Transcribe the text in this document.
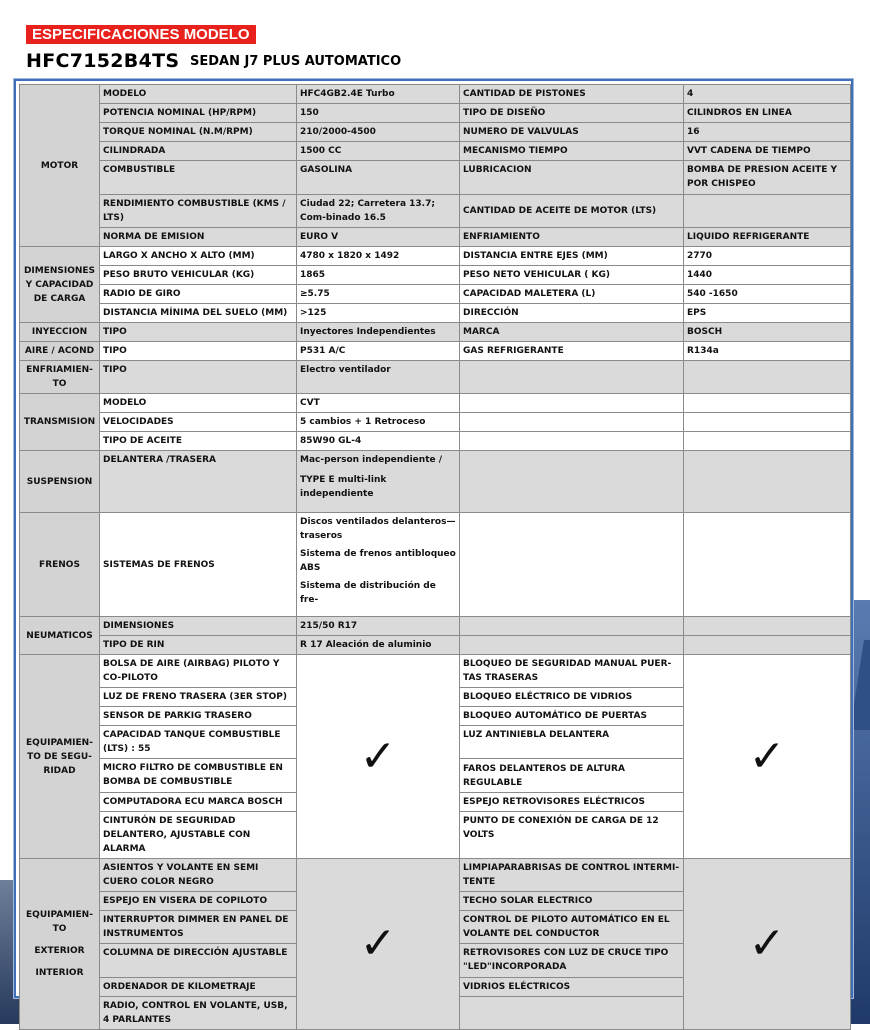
ESPECIFICACIONES MODELO
HFC7152B4TS SEDAN J7 PLUS AUTOMATICO
MOTOR	MODELO	HFC4GB2.4E Turbo	CANTIDAD DE PISTONES	4
	POTENCIA NOMINAL (HP/RPM)	150	TIPO DE DISEÑO	CILINDROS EN LINEA
	TORQUE NOMINAL (N.M/RPM)	210/2000-4500	NUMERO DE VALVULAS	16
	CILINDRADA	1500 CC	MECANISMO TIEMPO	VVT CADENA DE TIEMPO
	COMBUSTIBLE	GASOLINA	LUBRICACION	BOMBA DE PRESION ACEITE Y POR CHISPEO
	RENDIMIENTO COMBUSTIBLE (KMS / LTS)	Ciudad 22; Carretera 13.7; Com-binado 16.5	CANTIDAD DE ACEITE DE MOTOR (LTS)	
	NORMA DE EMISION	EURO V	ENFRIAMIENTO	LIQUIDO REFRIGERANTE
DIMENSIONES Y CAPACIDAD DE CARGA	LARGO X ANCHO X ALTO (MM)	4780 x 1820 x 1492	DISTANCIA ENTRE EJES (MM)	2770
	PESO BRUTO VEHICULAR (KG)	1865	PESO NETO VEHICULAR ( KG)	1440
	RADIO DE GIRO	≥5.75	CAPACIDAD MALETERA (L)	540 -1650
	DISTANCIA MÍNIMA DEL SUELO (MM)	>125	DIRECCIÓN	EPS
INYECCION	TIPO	Inyectores Independientes	MARCA	BOSCH
AIRE / ACOND	TIPO	P531 A/C	GAS REFRIGERANTE	R134a
ENFRIAMIEN-TO	TIPO	Electro ventilador		
TRANSMISION	MODELO	CVT		
	VELOCIDADES	5 cambios + 1 Retroceso		
	TIPO DE ACEITE	85W90 GL-4		
SUSPENSION	DELANTERA /TRASERA	Mac-person independiente /
TYPE E multi-link independiente		

FRENOS	SISTEMAS DE FRENOS	Discos ventilados delanteros—traseros
Sistema de frenos antibloqueo ABS
Sistema de distribución de fre-		

NEUMATICOS	DIMENSIONES	215/50 R17		
	TIPO DE RIN	R 17 Aleación de aluminio		

EQUIPAMIEN-
TO DE SEGU-
RIDAD	BOLSA DE AIRE (AIRBAG) PILOTO Y CO-PILOTO	✓	BLOQUEO DE SEGURIDAD MANUAL PUER-TAS TRASERAS	✓

	LUZ DE FRENO TRASERA (3ER STOP)		BLOQUEO ELÉCTRICO DE VIDRIOS	
	SENSOR DE PARKIG TRASERO		BLOQUEO AUTOMÁTICO DE PUERTAS	
	CAPACIDAD TANQUE COMBUSTIBLE (LTS) : 55		LUZ ANTINIEBLA DELANTERA	
	MICRO FILTRO DE COMBUSTIBLE EN BOMBA DE COMBUSTIBLE		FAROS DELANTEROS DE ALTURA REGULABLE	
	COMPUTADORA ECU MARCA BOSCH		ESPEJO RETROVISORES ELÉCTRICOS	
	CINTURÓN DE SEGURIDAD DELANTERO, AJUSTABLE CON ALARMA		PUNTO DE CONEXIÓN DE CARGA DE 12 VOLTS	

EQUIPAMIEN-
TO
EXTERIOR
INTERIOR	ASIENTOS Y VOLANTE EN SEMI CUERO COLOR NEGRO	✓	LIMPIAPARABRISAS DE CONTROL INTERMI-TENTE	✓

	ESPEJO EN VISERA DE COPILOTO		TECHO SOLAR ELECTRICO	
	INTERRUPTOR DIMMER EN PANEL DE INSTRUMENTOS		CONTROL DE PILOTO AUTOMÁTICO EN EL VOLANTE DEL CONDUCTOR	
	COLUMNA DE DIRECCIÓN AJUSTABLE		RETROVISORES CON LUZ DE CRUCE TIPO "LED"INCORPORADA	
	ORDENADOR DE KILOMETRAJE		VIDRIOS ELÉCTRICOS	
	RADIO, CONTROL EN VOLANTE, USB, 4 PARLANTES			
